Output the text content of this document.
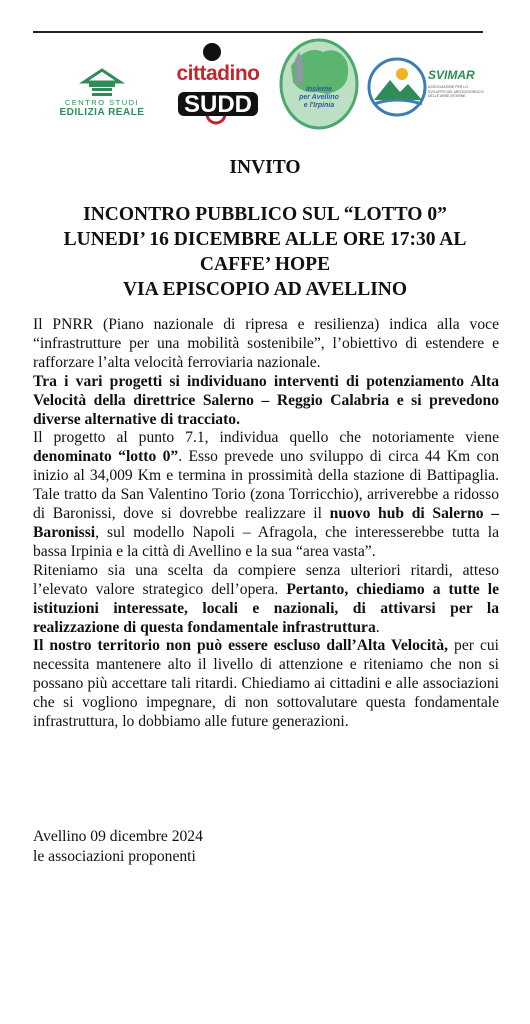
CENTRO STUDI
EDILIZIA REALE
cittadino
SUDD
Insieme
per Avellino
e l'Irpinia
SVIMAR
ASSOCIAZIONE PER LO SVILUPPO DEL MEZZOGIORNO E DELLE AREE INTERNE
INVITO
INCONTRO PUBBLICO SUL “LOTTO 0”
LUNEDI’ 16 DICEMBRE ALLE ORE 17:30 AL
CAFFE’ HOPE
VIA EPISCOPIO AD AVELLINO

Il PNRR (Piano nazionale di ripresa e resilienza) indica alla voce “infrastrutture per una mobilità sostenibile”, l’obiettivo di estendere e rafforzare l’alta velocità ferroviaria nazionale.

Tra i vari progetti si individuano interventi di potenziamento Alta Velocità della direttrice Salerno – Reggio Calabria e si prevedono diverse alternative di tracciato.

Il progetto al punto 7.1, individua quello che notoriamente viene denominato “lotto 0”. Esso prevede uno sviluppo di circa 44 Km con inizio al 34,009 Km e termina in prossimità della stazione di Battipaglia. Tale tratto da San Valentino Torio (zona Torricchio), arriverebbe a ridosso di Baronissi, dove si dovrebbe realizzare il nuovo hub di Salerno – Baronissi, sul modello Napoli – Afragola, che interesserebbe tutta la bassa Irpinia e la città di Avellino e la sua “area vasta”.

Riteniamo sia una scelta da compiere senza ulteriori ritardi, atteso l’elevato valore strategico dell’opera. Pertanto, chiediamo a tutte le istituzioni interessate, locali e nazionali, di attivarsi per la realizzazione di questa fondamentale infrastruttura.

Il nostro territorio non può essere escluso dall’Alta Velocità, per cui necessita mantenere alto il livello di attenzione e riteniamo che non si possano più accettare tali ritardi. Chiediamo ai cittadini e alle associazioni che si vogliono impegnare, di non sottovalutare questa fondamentale infrastruttura, lo dobbiamo alle future generazioni.

Avellino 09 dicembre 2024
le associazioni proponenti
